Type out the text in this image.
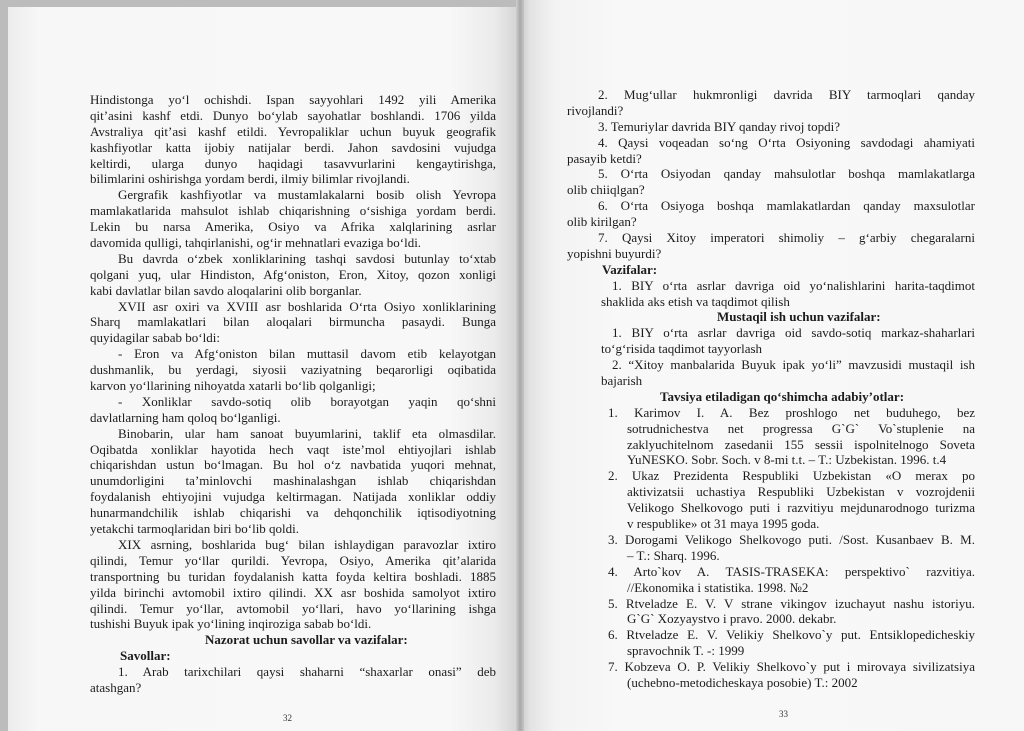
Hindistonga yo‘l ochishdi. Ispan sayyohlari 1492 yili Amerika
qit’asini kashf etdi. Dunyo bo‘ylab sayohatlar boshlandi. 1706 yilda
Avstraliya qit’asi kashf etildi. Yevropaliklar uchun buyuk geografik
kashfiyotlar katta ijobiy natijalar berdi. Jahon savdosini vujudga
keltirdi, ularga dunyo haqidagi tasavvurlarini kengaytirishga,
bilimlarini oshirishga yordam berdi, ilmiy bilimlar rivojlandi.
Gergrafik kashfiyotlar va mustamlakalarni bosib olish Yevropa
mamlakatlarida mahsulot ishlab chiqarishning o‘sishiga yordam berdi.
Lekin bu narsa Amerika, Osiyo va Afrika xalqlarining asrlar
davomida qulligi, tahqirlanishi, og‘ir mehnatlari evaziga bo‘ldi.
Bu davrda o‘zbek xonliklarining tashqi savdosi butunlay to‘xtab
qolgani yuq, ular Hindiston, Afg‘oniston, Eron, Xitoy, qozon xonligi
kabi davlatlar bilan savdo aloqalarini olib borganlar.
XVII asr oxiri va XVIII asr boshlarida O‘rta Osiyo xonliklarining
Sharq mamlakatlari bilan aloqalari birmuncha pasaydi. Bunga
quyidagilar sabab bo‘ldi:
- Eron va Afg‘oniston bilan muttasil davom etib kelayotgan
dushmanlik, bu yerdagi, siyosii vaziyatning beqarorligi oqibatida
karvon yo‘llarining nihoyatda xatarli bo‘lib qolganligi;
- Xonliklar savdo-sotiq olib borayotgan yaqin qo‘shni
davlatlarning ham qoloq bo‘lganligi.
Binobarin, ular ham sanoat buyumlarini, taklif eta olmasdilar.
Oqibatda xonliklar hayotida hech vaqt iste’mol ehtiyojlari ishlab
chiqarishdan ustun bo‘lmagan. Bu hol o‘z navbatida yuqori mehnat,
unumdorligini ta’minlovchi mashinalashgan ishlab chiqarishdan
foydalanish ehtiyojini vujudga keltirmagan. Natijada xonliklar oddiy
hunarmandchilik ishlab chiqarishi va dehqonchilik iqtisodiyotning
yetakchi tarmoqlaridan biri bo‘lib qoldi.
XIX asrning, boshlarida bug‘ bilan ishlaydigan paravozlar ixtiro
qilindi, Temur yo‘llar qurildi. Yevropa, Osiyo, Amerika qit’alarida
transportning bu turidan foydalanish katta foyda keltira boshladi. 1885
yilda birinchi avtomobil ixtiro qilindi. XX asr boshida samolyot ixtiro
qilindi. Temur yo‘llar, avtomobil yo‘llari, havo yo‘llarining ishga
tushishi Buyuk ipak yo‘lining inqiroziga sabab bo‘ldi.
Nazorat uchun savollar va vazifalar:
Savollar:
1. Arab tarixchilari qaysi shaharni “shaxarlar onasi” deb
atashgan?
32
2. Mug‘ullar hukmronligi davrida BIY tarmoqlari qanday
rivojlandi?
3. Temuriylar davrida BIY qanday rivoj topdi?
4. Qaysi voqeadan so‘ng O‘rta Osiyoning savdodagi ahamiyati
pasayib ketdi?
5. O‘rta Osiyodan qanday mahsulotlar boshqa mamlakatlarga
olib chiiqlgan?
6. O‘rta Osiyoga boshqa mamlakatlardan qanday maxsulotlar
olib kirilgan?
7. Qaysi Xitoy imperatori shimoliy – g‘arbiy chegaralarni
yopishni buyurdi?
Vazifalar:
1. BIY o‘rta asrlar davriga oid yo‘nalishlarini harita-taqdimot
shaklida aks etish va taqdimot qilish
Mustaqil ish uchun vazifalar:
1. BIY o‘rta asrlar davriga oid savdo-sotiq markaz-shaharlari
to‘g‘risida taqdimot tayyorlash
2. “Xitoy manbalarida Buyuk ipak yo‘li” mavzusidi mustaqil ish
bajarish
Tavsiya etiladigan qo‘shimcha adabiy’otlar:
1. Karimov I. A. Bez proshlogo net buduhego, bez
sotrudnichestva net progressa G`G` Vo`stuplenie na
zaklyuchitelnom zasedanii 155 sessii ispolnitelnogo Soveta
YuNESKO. Sobr. Soch. v 8-mi t.t. – T.: Uzbekistan. 1996. t.4
2. Ukaz Prezidenta Respubliki Uzbekistan «O merax po
aktivizatsii uchastiya Respubliki Uzbekistan v vozrojdenii
Velikogo Shelkovogo puti i razvitiyu mejdunarodnogo turizma
v respublike» ot 31 maya 1995 goda.
3. Dorogami Velikogo Shelkovogo puti. /Sost. Kusanbaev B. M.
– T.: Sharq. 1996.
4. Arto`kov A. TASIS-TRASEKA: perspektivo` razvitiya.
//Ekonomika i statistika. 1998. №2
5. Rtveladze E. V. V strane vikingov izuchayut nashu istoriyu.
G`G` Xozyaystvo i pravo. 2000. dekabr.
6. Rtveladze E. V. Velikiy Shelkovo`y put. Entsiklopedicheskiy
spravochnik T. -: 1999
7. Kobzeva O. P. Velikiy Shelkovo`y put i mirovaya sivilizatsiya
(uchebno-metodicheskaya posobie) T.: 2002
33
